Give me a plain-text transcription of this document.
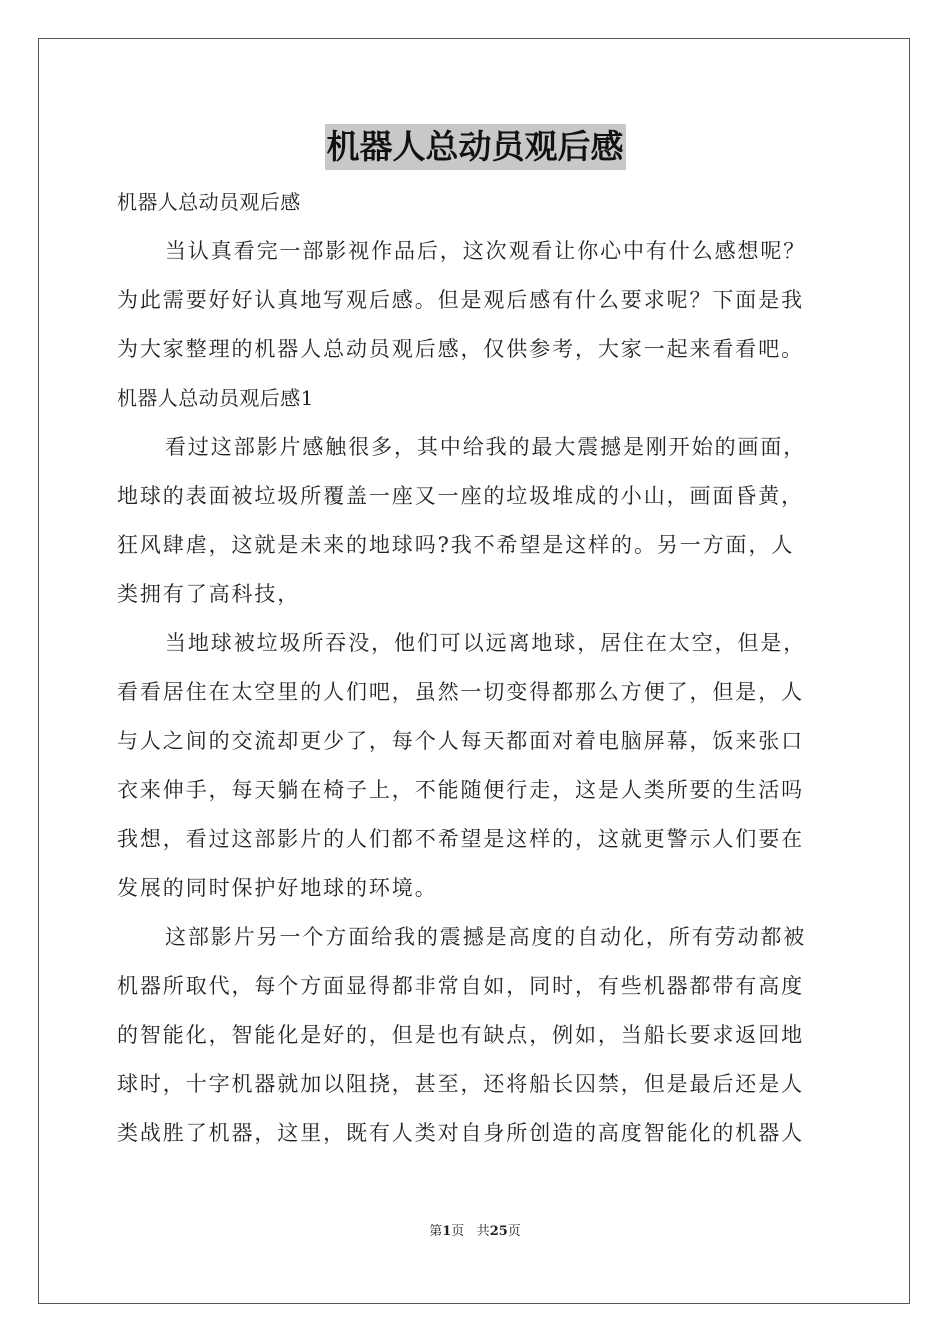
机器人总动员观后感
机器人总动员观后感
当认真看完一部影视作品后，这次观看让你心中有什么感想呢？
为此需要好好认真地写观后感。但是观后感有什么要求呢？下面是我
为大家整理的机器人总动员观后感，仅供参考，大家一起来看看吧。
机器人总动员观后感1
看过这部影片感触很多，其中给我的最大震撼是刚开始的画面，
地球的表面被垃圾所覆盖一座又一座的垃圾堆成的小山，画面昏黄，
狂风肆虐，这就是未来的地球吗?我不希望是这样的。另一方面，人
类拥有了高科技，
当地球被垃圾所吞没，他们可以远离地球，居住在太空，但是，
看看居住在太空里的人们吧，虽然一切变得都那么方便了，但是，人
与人之间的交流却更少了，每个人每天都面对着电脑屏幕，饭来张口
衣来伸手，每天躺在椅子上，不能随便行走，这是人类所要的生活吗
我想，看过这部影片的人们都不希望是这样的，这就更警示人们要在
发展的同时保护好地球的环境。
这部影片另一个方面给我的震撼是高度的自动化，所有劳动都被
机器所取代，每个方面显得都非常自如，同时，有些机器都带有高度
的智能化，智能化是好的，但是也有缺点，例如，当船长要求返回地
球时，十字机器就加以阻挠，甚至，还将船长囚禁，但是最后还是人
类战胜了机器，这里，既有人类对自身所创造的高度智能化的机器人
第1页 共25页
